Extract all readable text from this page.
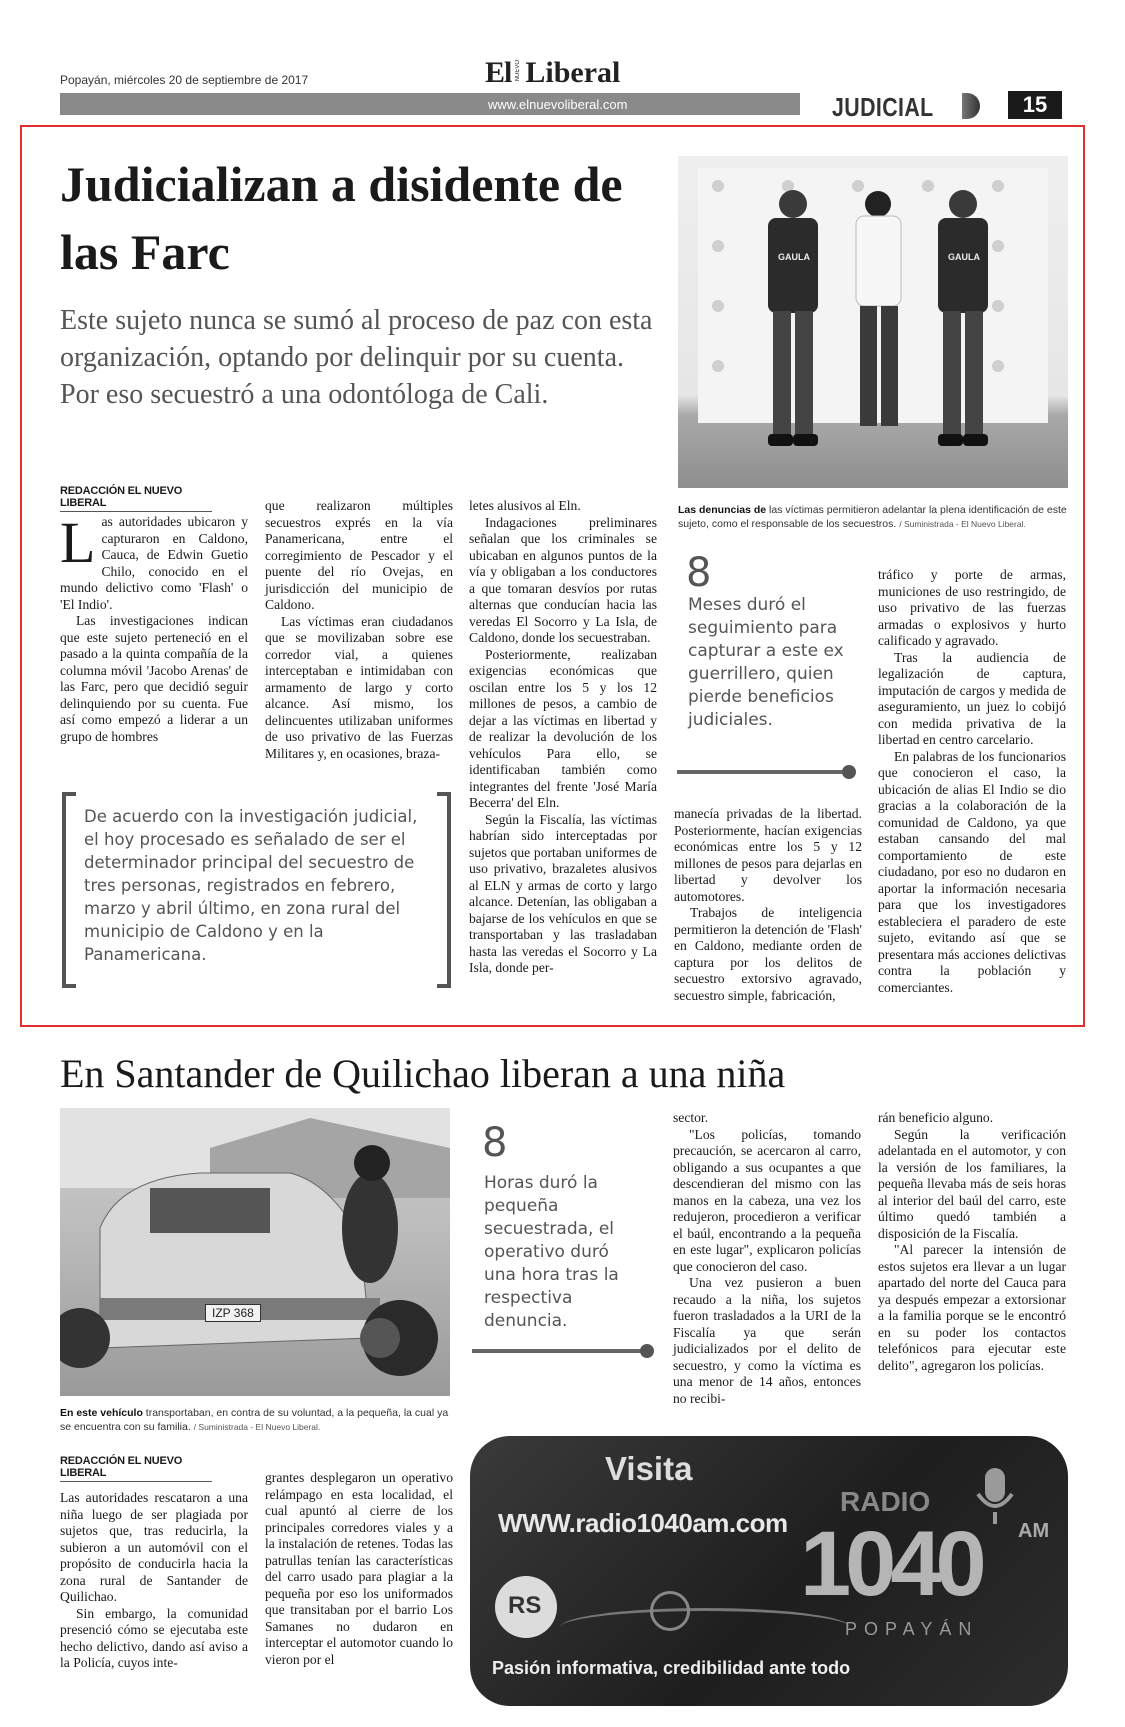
Popayán, miércoles 20 de septiembre de 2017	El NUEVO Liberal
www.elnuevoliberal.com	JUDICIAL	15
Judicializan a disidente de las Farc
Este sujeto nunca se sumó al proceso de paz con esta organización, optando por delinquir por su cuenta. Por eso secuestró a una odontóloga de Cali.
GAULA	GAULA
Las denuncias de las víctimas permitieron adelantar la plena identificación de este sujeto, como el responsable de los secuestros. / Suministrada - El Nuevo Liberal.
REDACCIÓN EL NUEVO LIBERAL

Las autoridades ubicaron y capturaron en Caldono, Cauca, de Edwin Guetio Chilo, conocido en el mundo delictivo como 'Flash' o 'El Indio'.

Las investigaciones indican que este sujeto perteneció en el pasado a la quinta compañía de la columna móvil 'Jacobo Arenas' de las Farc, pero que decidió seguir delinquiendo por su cuenta. Fue así como empezó a liderar a un grupo de hombres

que realizaron múltiples secuestros exprés en la vía Panamericana, entre el corregimiento de Pescador y el puente del río Ovejas, en jurisdicción del municipio de Caldono.

Las víctimas eran ciudadanos que se movilizaban sobre ese corredor vial, a quienes interceptaban e intimidaban con armamento de largo y corto alcance. Así mismo, los delincuentes utilizaban uniformes de uso privativo de las Fuerzas Militares y, en ocasiones, braza-

letes alusivos al Eln.

Indagaciones preliminares señalan que los criminales se ubicaban en algunos puntos de la vía y obligaban a los conductores a que tomaran desvíos por rutas alternas que conducían hacia las veredas El Socorro y La Isla, de Caldono, donde los secuestraban.

Posteriormente, realizaban exigencias económicas que oscilan entre los 5 y los 12 millones de pesos, a cambio de dejar a las víctimas en libertad y de realizar la devolución de los vehículos Para ello, se identificaban también como integrantes del frente 'José María Becerra' del Eln.

Según la Fiscalía, las víctimas habrían sido interceptadas por sujetos que portaban uniformes de uso privativo, brazaletes alusivos al ELN y armas de corto y largo alcance. Detenían, las obligaban a bajarse de los vehículos en que se transportaban y las trasladaban hasta las veredas el Socorro y La Isla, donde per-

8
Meses duró el seguimiento para capturar a este ex guerrillero, quien pierde beneficios judiciales.

manecía privadas de la libertad. Posteriormente, hacían exigencias económicas entre los 5 y 12 millones de pesos para dejarlas en libertad y devolver los automotores.

Trabajos de inteligencia permitieron la detención de 'Flash' en Caldono, mediante orden de captura por los delitos de secuestro extorsivo agravado, secuestro simple, fabricación,

tráfico y porte de armas, municiones de uso restringido, de uso privativo de las fuerzas armadas o explosivos y hurto calificado y agravado.

Tras la audiencia de legalización de captura, imputación de cargos y medida de aseguramiento, un juez lo cobijó con medida privativa de la libertad en centro carcelario.

En palabras de los funcionarios que conocieron el caso, la ubicación de alias El Indio se dio gracias a la colaboración de la comunidad de Caldono, ya que estaban cansando del mal comportamiento de este ciudadano, por eso no dudaron en aportar la información necesaria para que los investigadores estableciera el paradero de este sujeto, evitando así que se presentara más acciones delictivas contra la población y comerciantes.

De acuerdo con la investigación judicial, el hoy procesado es señalado de ser el determinador principal del secuestro de tres personas, registrados en febrero, marzo y abril último, en zona rural del municipio de Caldono y en la Panamericana.
En Santander de Quilichao liberan a una niña
IZP 368
En este vehículo transportaban, en contra de su voluntad, a la pequeña, la cual ya se encuentra con su familia. / Suministrada - El Nuevo Liberal.
8
Horas duró la pequeña secuestrada, el operativo duró una hora tras la respectiva denuncia.

sector.

"Los policías, tomando precaución, se acercaron al carro, obligando a sus ocupantes a que descendieran del mismo con las manos en la cabeza, una vez los redujeron, procedieron a verificar el baúl, encontrando a la pequeña en este lugar", explicaron policías que conocieron del caso.

Una vez pusieron a buen recaudo a la niña, los sujetos fueron trasladados a la URI de la Fiscalía ya que serán judicializados por el delito de secuestro, y como la víctima es una menor de 14 años, entonces no recibi-

rán beneficio alguno.

Según la verificación adelantada en el automotor, y con la versión de los familiares, la pequeña llevaba más de seis horas al interior del baúl del carro, este último quedó también a disposición de la Fiscalía.

"Al parecer la intensión de estos sujetos era llevar a un lugar apartado del norte del Cauca para ya después empezar a extorsionar a la familia porque se le encontró en su poder los contactos telefónicos para ejecutar este delito", agregaron los policías.

REDACCIÓN EL NUEVO LIBERAL

Las autoridades rescataron a una niña luego de ser plagiada por sujetos que, tras reducirla, la subieron a un automóvil con el propósito de conducirla hacia la zona rural de Santander de Quilichao.

Sin embargo, la comunidad presenció cómo se ejecutaba este hecho delictivo, dando así aviso a la Policía, cuyos inte-

grantes desplegaron un operativo relámpago en esta localidad, el cual apuntó al cierre de los principales corredores viales y a la instalación de retenes. Todas las patrullas tenían las características del carro usado para plagiar a la pequeña por eso los uniformados que transitaban por el barrio Los Samanes no dudaron en interceptar el automotor cuando lo vieron por el

Visita
WWW.radio1040am.com
RADIO
1040 AM
POPAYÁN
RS
Pasión informativa, credibilidad ante todo
